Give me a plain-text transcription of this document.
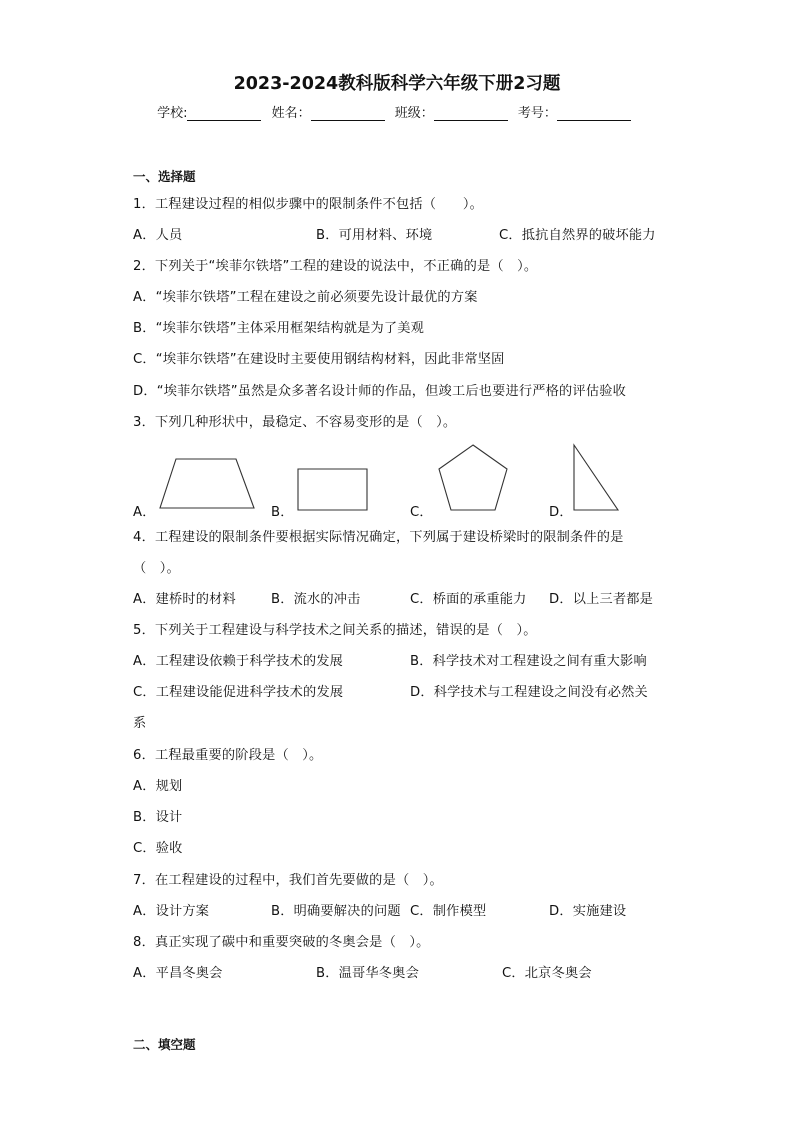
2023-2024教科版科学六年级下册2习题
学校:	姓名：	班级：	考号：
一、选择题
1．工程建设过程的相似步骤中的限制条件不包括（　　）。
A．人员	B．可用材料、环境	C．抵抗自然界的破坏能力
2．下列关于“埃菲尔铁塔”工程的建设的说法中，不正确的是（　）。
A．“埃菲尔铁塔”工程在建设之前必须要先设计最优的方案
B．“埃菲尔铁塔”主体采用框架结构就是为了美观
C．“埃菲尔铁塔”在建设时主要使用钢结构材料，因此非常坚固
D．“埃菲尔铁塔”虽然是众多著名设计师的作品，但竣工后也要进行严格的评估验收
3．下列几种形状中，最稳定、不容易变形的是（　）。
A．	B．	C．	D．
4．工程建设的限制条件要根据实际情况确定，下列属于建设桥梁时的限制条件的是
（　）。
A．建桥时的材料	B．流水的冲击	C．桥面的承重能力 D．以上三者都是
5．下列关于工程建设与科学技术之间关系的描述，错误的是（　）。
A．工程建设依赖于科学技术的发展	B．科学技术对工程建设之间有重大影响
C．工程建设能促进科学技术的发展	D．科学技术与工程建设之间没有必然关
系
6．工程最重要的阶段是（　）。
A．规划
B．设计
C．验收
7．在工程建设的过程中，我们首先要做的是（　）。
A．设计方案	B．明确要解决的问题 C．制作模型	D．实施建设
8．真正实现了碳中和重要突破的冬奥会是（　）。
A．平昌冬奥会	B．温哥华冬奥会	C．北京冬奥会
二、填空题
